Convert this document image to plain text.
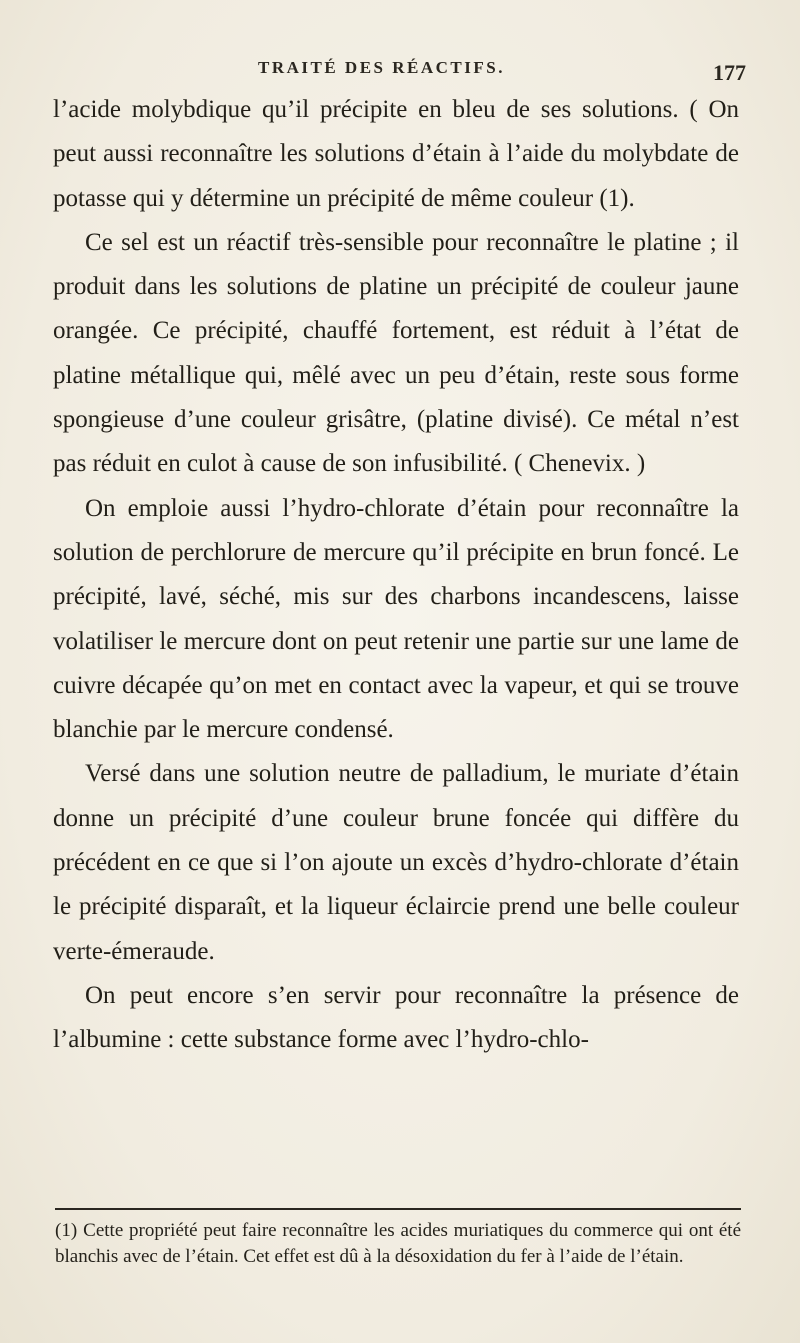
TRAITÉ DES RÉACTIFS.	177

l’acide molybdique qu’il précipite en bleu de ses solutions. ( On peut aussi reconnaître les solutions d’étain à l’aide du molybdate de potasse qui y détermine un précipité de même couleur (1).

Ce sel est un réactif très-sensible pour reconnaître le platine ; il produit dans les solutions de platine un précipité de couleur jaune orangée. Ce précipité, chauffé fortement, est réduit à l’état de platine métallique qui, mêlé avec un peu d’étain, reste sous forme spongieuse d’une couleur grisâtre, (platine divisé). Ce métal n’est pas réduit en culot à cause de son infusibilité. ( Chenevix. )

On emploie aussi l’hydro-chlorate d’étain pour reconnaître la solution de perchlorure de mercure qu’il précipite en brun foncé. Le précipité, lavé, séché, mis sur des charbons incandescens, laisse volatiliser le mercure dont on peut retenir une partie sur une lame de cuivre décapée qu’on met en contact avec la vapeur, et qui se trouve blanchie par le mercure condensé.

Versé dans une solution neutre de palladium, le muriate d’étain donne un précipité d’une couleur brune foncée qui diffère du précédent en ce que si l’on ajoute un excès d’hydro-chlorate d’étain le précipité disparaît, et la liqueur éclaircie prend une belle couleur verte-émeraude.

On peut encore s’en servir pour reconnaître la présence de l’albumine : cette substance forme avec l’hydro-chlo-

(1) Cette propriété peut faire reconnaître les acides muriatiques du commerce qui ont été blanchis avec de l’étain. Cet effet est dû à la désoxidation du fer à l’aide de l’étain.
